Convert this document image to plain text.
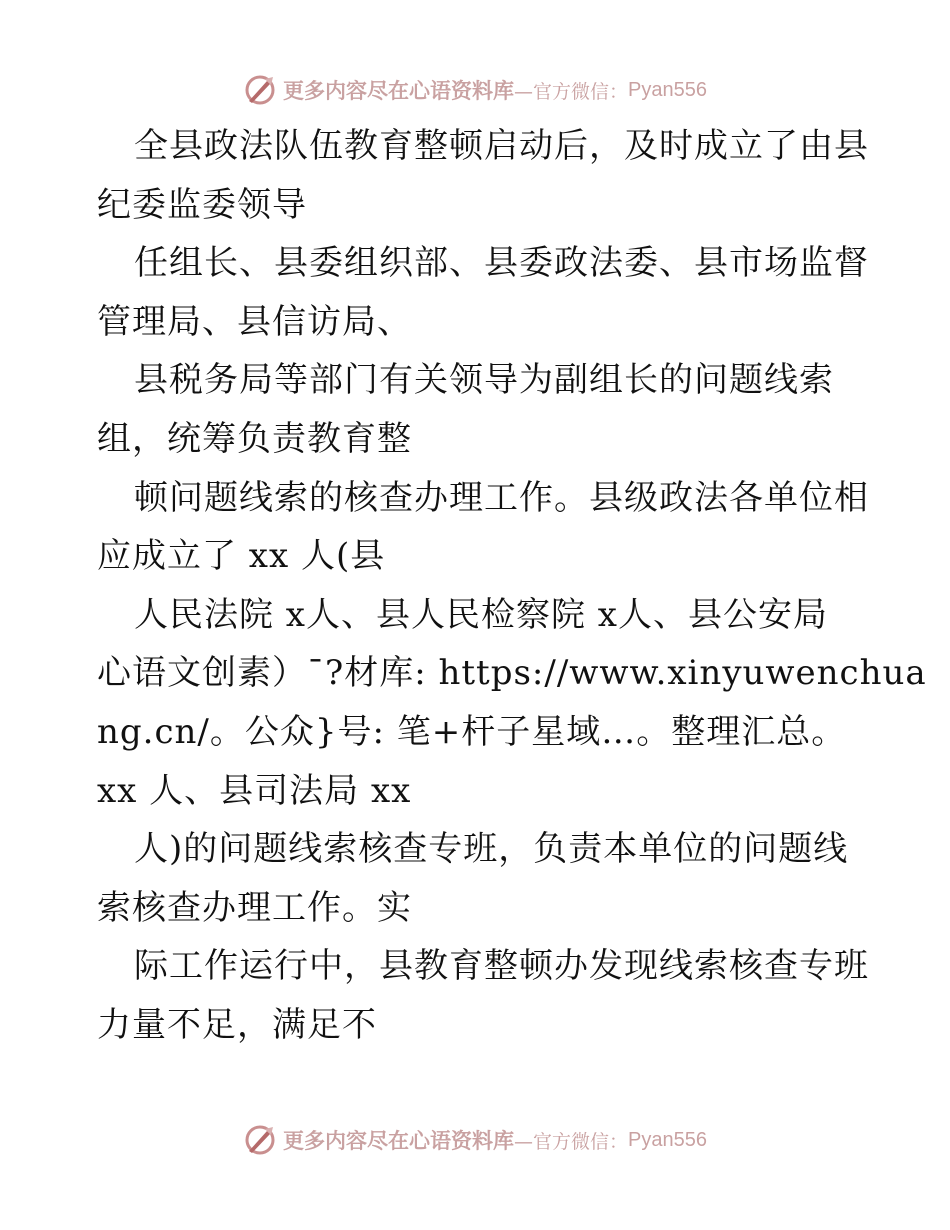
更多内容尽在心语资料库 —官方微信： Pyan556
全县政法队伍教育整顿启动后，及时成立了由县
纪委监委领导
任组长、县委组织部、县委政法委、县市场监督
管理局、县信访局、
县税务局等部门有关领导为副组长的问题线索
组，统筹负责教育整
顿问题线索的核查办理工作。县级政法各单位相
应成立了 xx 人(县
人民法院 x人、县人民检察院 x人、县公安局
心语文创素）¯?材库: https://www.xinyuwenchua
ng.cn/。公众}号: 笔+杆子星域…。整理汇总。
xx 人、县司法局 xx
人)的问题线索核查专班，负责本单位的问题线
索核查办理工作。实
际工作运行中，县教育整顿办发现线索核查专班
力量不足，满足不
更多内容尽在心语资料库 —官方微信： Pyan556
